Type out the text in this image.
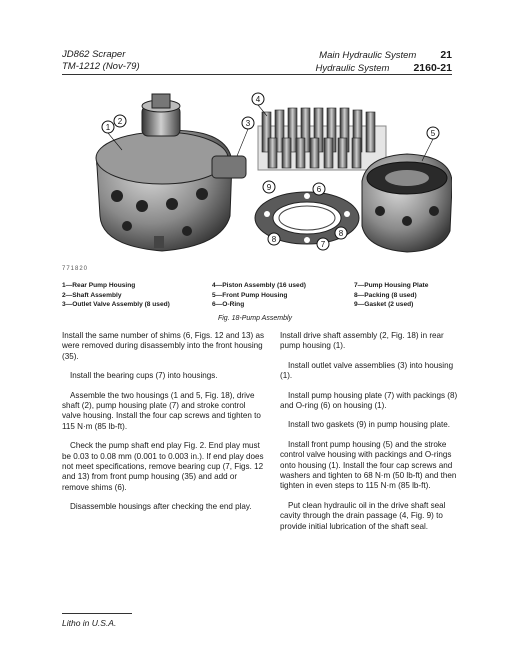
JD862 Scraper
TM-1212 (Nov-79)
Main Hydraulic System 21
Hydraulic System 2160-21
1
2	3
4
5
6
7
8
8
9
771820
1—Rear Pump Housing
2—Shaft Assembly
3—Outlet Valve Assembly (8 used)
4—Piston Assembly (16 used)
5—Front Pump Housing
6—O-Ring
7—Pump Housing Plate
8—Packing (8 used)
9—Gasket (2 used)
Fig. 18-Pump Assembly

Install the same number of shims (6, Figs. 12 and 13) as were removed during disassembly into the front housing (35).

Install the bearing cups (7) into housings.

Assemble the two housings (1 and 5, Fig. 18), drive shaft (2), pump housing plate (7) and stroke control valve housing. Install the four cap screws and tighten to 115 N·m (85 lb-ft).

Check the pump shaft end play Fig. 2. End play must be 0.03 to 0.08 mm (0.001 to 0.003 in.). If end play does not meet specifications, remove bearing cup (7, Figs. 12 and 13) from front pump housing (35) and add or remove shims (6).

Disassemble housings after checking the end play.

Install drive shaft assembly (2, Fig. 18) in rear pump housing (1).

Install outlet valve assemblies (3) into housing (1).

Install pump housing plate (7) with packings (8) and O-ring (6) on housing (1).

Install two gaskets (9) in pump housing plate.

Install front pump housing (5) and the stroke control valve housing with packings and O-rings onto housing (1). Install the four cap screws and washers and tighten to 68 N·m (50 lb-ft) and then tighten in even steps to 115 N·m (85 lb-ft).

Put clean hydraulic oil in the drive shaft seal cavity through the drain passage (4, Fig. 9) to provide initial lubrication of the shaft seal.

Litho in U.S.A.
